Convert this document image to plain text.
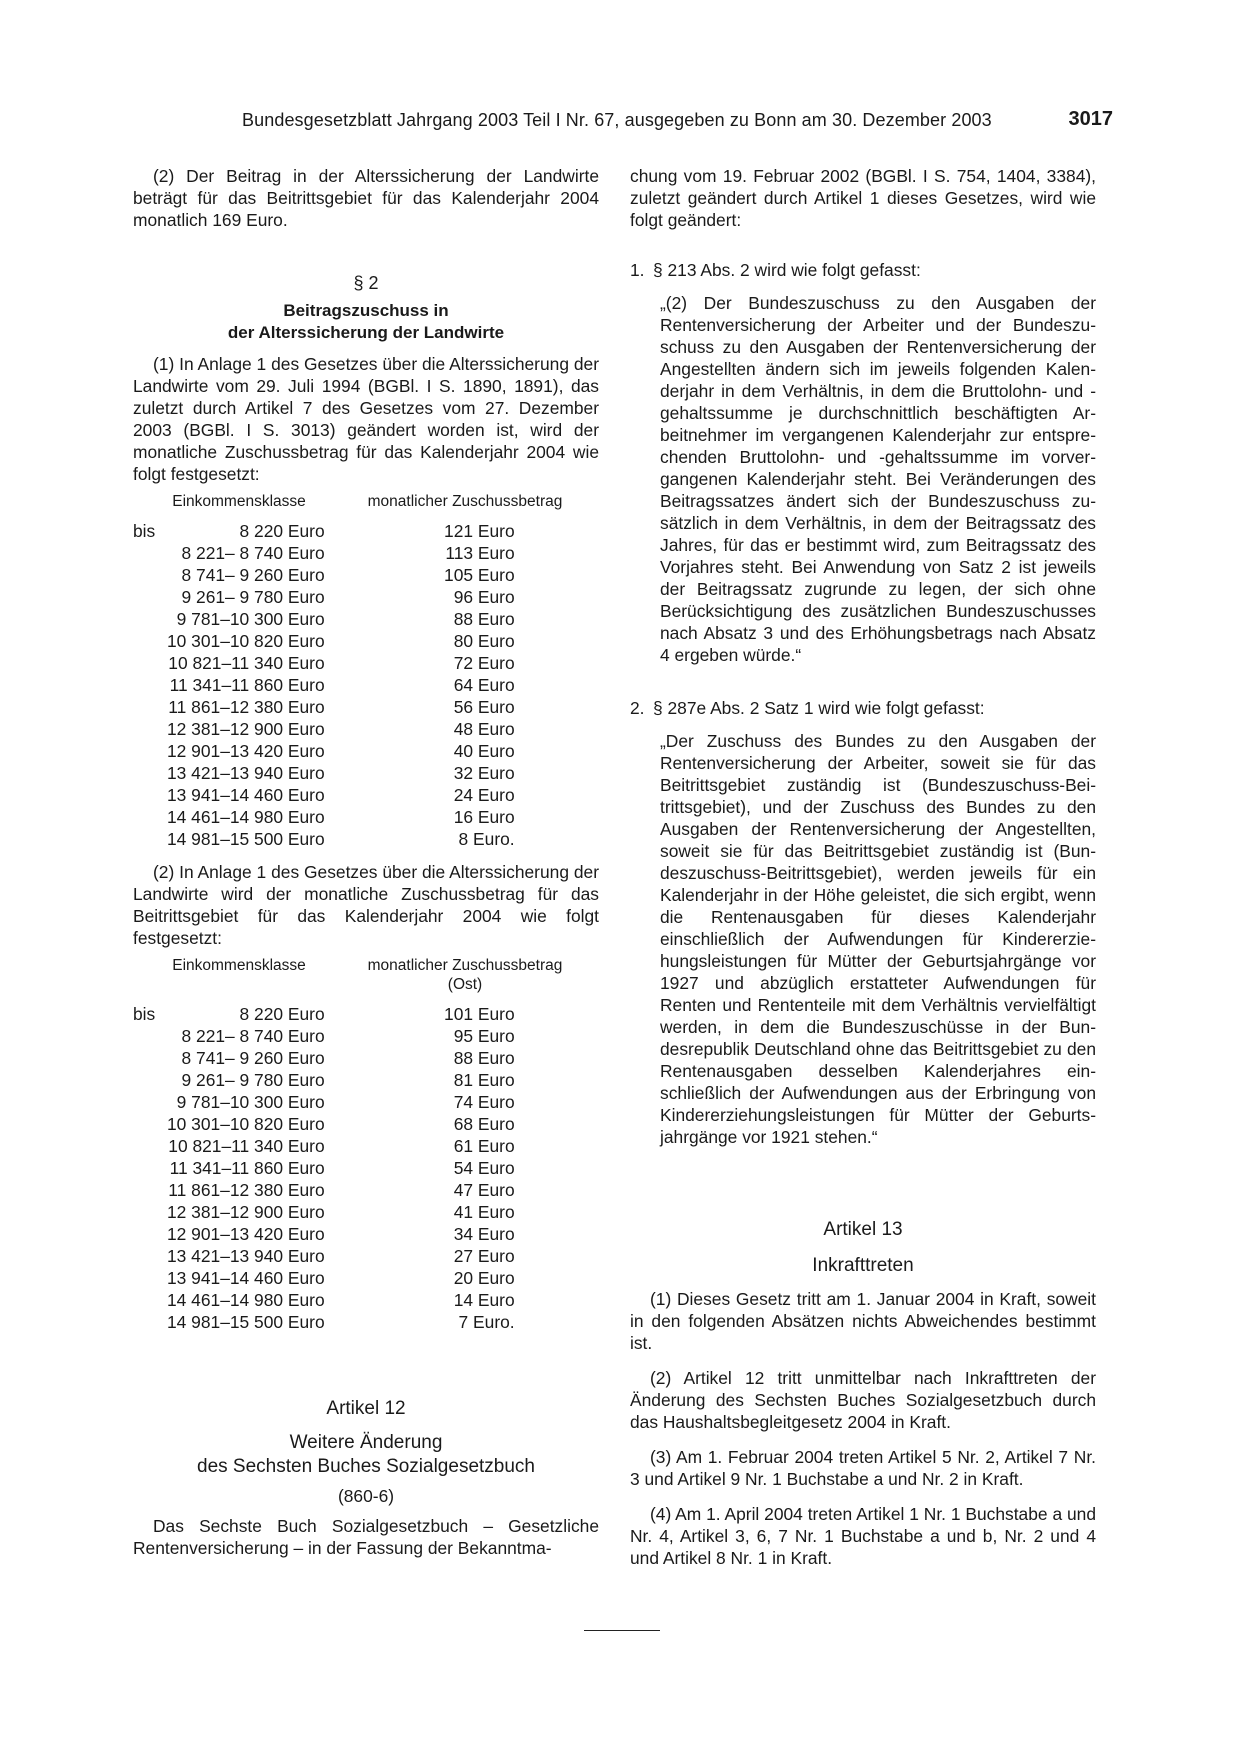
Bundesgesetzblatt Jahrgang 2003 Teil I Nr. 67, ausgegeben zu Bonn am 30. Dezember 2003	3017

(2) Der Beitrag in der Alterssicherung der Landwirte beträgt für das Beitrittsgebiet für das Kalenderjahr 2004 monatlich 169 Euro.

§ 2
Beitragszuschuss in
der Alterssicherung der Landwirte

(1) In Anlage 1 des Gesetzes über die Alterssicherung der Landwirte vom 29. Juli 1994 (BGBl. I S. 1890, 1891), das zuletzt durch Artikel 7 des Gesetzes vom 27. Dezember 2003 (BGBl. I S. 3013) geändert worden ist, wird der monatliche Zuschussbetrag für das Kalenderjahr 2004 wie folgt festgesetzt:

Einkommensklasse	monatlicher Zuschussbetrag
bis	8 220 Euro	121 Euro
	8 221– 8 740 Euro	113 Euro
	8 741– 9 260 Euro	105 Euro
	9 261– 9 780 Euro	96 Euro
	9 781–10 300 Euro	88 Euro
	10 301–10 820 Euro	80 Euro
	10 821–11 340 Euro	72 Euro
	11 341–11 860 Euro	64 Euro
	11 861–12 380 Euro	56 Euro
	12 381–12 900 Euro	48 Euro
	12 901–13 420 Euro	40 Euro
	13 421–13 940 Euro	32 Euro
	13 941–14 460 Euro	24 Euro
	14 461–14 980 Euro	16 Euro
	14 981–15 500 Euro	8 Euro.

(2) In Anlage 1 des Gesetzes über die Alterssicherung der Landwirte wird der monatliche Zuschussbetrag für das Beitrittsgebiet für das Kalenderjahr 2004 wie folgt festgesetzt:

Einkommensklasse	monatlicher Zuschussbetrag
(Ost)
bis	8 220 Euro	101 Euro
	8 221– 8 740 Euro	95 Euro
	8 741– 9 260 Euro	88 Euro
	9 261– 9 780 Euro	81 Euro
	9 781–10 300 Euro	74 Euro
	10 301–10 820 Euro	68 Euro
	10 821–11 340 Euro	61 Euro
	11 341–11 860 Euro	54 Euro
	11 861–12 380 Euro	47 Euro
	12 381–12 900 Euro	41 Euro
	12 901–13 420 Euro	34 Euro
	13 421–13 940 Euro	27 Euro
	13 941–14 460 Euro	20 Euro
	14 461–14 980 Euro	14 Euro
	14 981–15 500 Euro	7 Euro.
Artikel 12
Weitere Änderung
des Sechsten Buches Sozialgesetzbuch
(860-6)

Das Sechste Buch Sozialgesetzbuch – Gesetzliche Rentenversicherung – in der Fassung der Bekanntma-

chung vom 19. Februar 2002 (BGBl. I S. 754, 1404, 3384), zuletzt geändert durch Artikel 1 dieses Gesetzes, wird wie folgt geändert:

1. § 213 Abs. 2 wird wie folgt gefasst:

„(2) Der Bundeszuschuss zu den Ausgaben der Rentenversicherung der Arbeiter und der Bundeszuschuss zu den Ausgaben der Rentenversicherung der Angestellten ändern sich im jeweils folgenden Kalenderjahr in dem Verhältnis, in dem die Bruttolohn- und -gehaltssumme je durchschnittlich beschäftigten Arbeitnehmer im vergangenen Kalenderjahr zur entsprechenden Bruttolohn- und -gehaltssumme im vorvergangenen Kalenderjahr steht. Bei Veränderungen des Beitragssatzes ändert sich der Bundeszuschuss zusätzlich in dem Verhältnis, in dem der Beitragssatz des Jahres, für das er bestimmt wird, zum Beitragssatz des Vorjahres steht. Bei Anwendung von Satz 2 ist jeweils der Beitragssatz zugrunde zu legen, der sich ohne Berücksichtigung des zusätzlichen Bundeszuschusses nach Absatz 3 und des Erhöhungsbetrags nach Absatz 4 ergeben würde.“

2. § 287e Abs. 2 Satz 1 wird wie folgt gefasst:

„Der Zuschuss des Bundes zu den Ausgaben der Rentenversicherung der Arbeiter, soweit sie für das Beitrittsgebiet zuständig ist (Bundeszuschuss-Beitrittsgebiet), und der Zuschuss des Bundes zu den Ausgaben der Rentenversicherung der Angestellten, soweit sie für das Beitrittsgebiet zuständig ist (Bundeszuschuss-Beitrittsgebiet), werden jeweils für ein Kalenderjahr in der Höhe geleistet, die sich ergibt, wenn die Rentenausgaben für dieses Kalenderjahr einschließlich der Aufwendungen für Kindererziehungsleistungen für Mütter der Geburtsjahrgänge vor 1927 und abzüglich erstatteter Aufwendungen für Renten und Rententeile mit dem Verhältnis vervielfältigt werden, in dem die Bundeszuschüsse in der Bundesrepublik Deutschland ohne das Beitrittsgebiet zu den Rentenausgaben desselben Kalenderjahres einschließlich der Aufwendungen aus der Erbringung von Kindererziehungsleistungen für Mütter der Geburtsjahrgänge vor 1921 stehen.“

Artikel 13
Inkrafttreten

(1) Dieses Gesetz tritt am 1. Januar 2004 in Kraft, soweit in den folgenden Absätzen nichts Abweichendes bestimmt ist.

(2) Artikel 12 tritt unmittelbar nach Inkrafttreten der Änderung des Sechsten Buches Sozialgesetzbuch durch das Haushaltsbegleitgesetz 2004 in Kraft.

(3) Am 1. Februar 2004 treten Artikel 5 Nr. 2, Artikel 7 Nr. 3 und Artikel 9 Nr. 1 Buchstabe a und Nr. 2 in Kraft.

(4) Am 1. April 2004 treten Artikel 1 Nr. 1 Buchstabe a und Nr. 4, Artikel 3, 6, 7 Nr. 1 Buchstabe a und b, Nr. 2 und 4 und Artikel 8 Nr. 1 in Kraft.
